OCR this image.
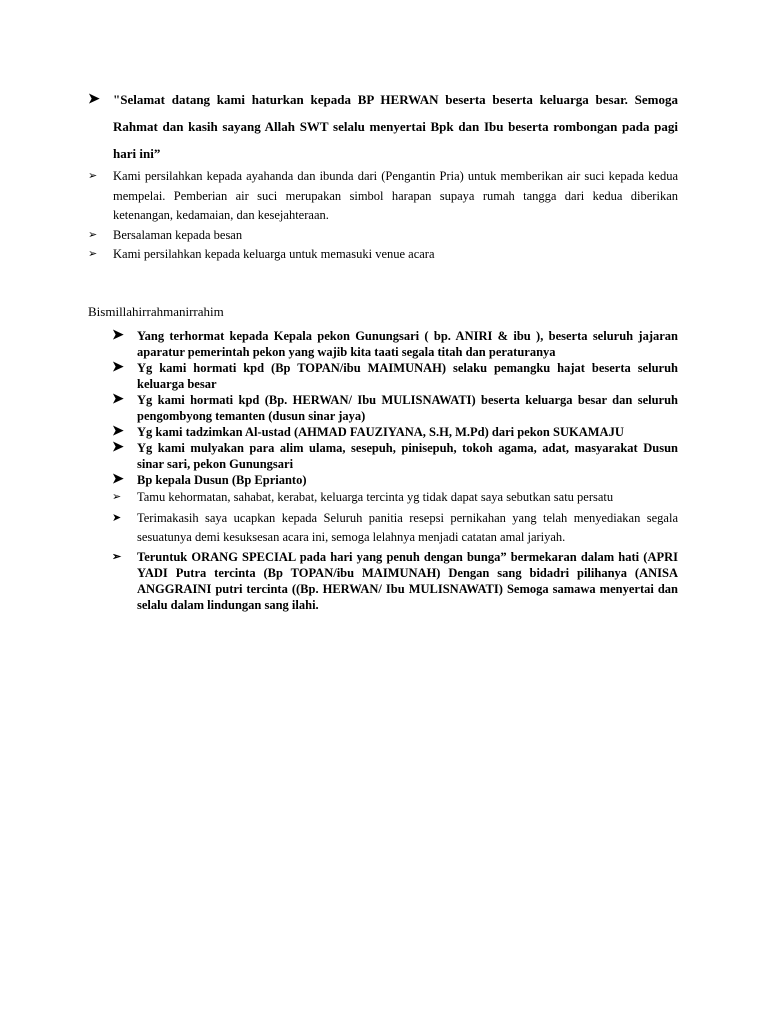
➤	"Selamat datang kami haturkan kepada BP HERWAN beserta beserta keluarga besar. Semoga Rahmat dan kasih sayang Allah SWT selalu menyertai Bpk dan Ibu beserta rombongan pada pagi hari ini”
➢	Kami persilahkan kepada ayahanda dan ibunda dari (Pengantin Pria) untuk memberikan air suci kepada kedua mempelai. Pemberian air suci merupakan simbol harapan supaya rumah tangga dari kedua diberikan ketenangan, kedamaian, dan kesejahteraan.
➢	Bersalaman kepada besan
➢	Kami persilahkan kepada keluarga untuk memasuki venue acara
Bismillahirrahmanirrahim
➤	Yang terhormat kepada Kepala pekon Gunungsari ( bp. ANIRI & ibu ), beserta seluruh jajaran aparatur pemerintah pekon yang wajib kita taati segala titah dan peraturanya
➤	Yg kami hormati kpd (Bp TOPAN/ibu MAIMUNAH) selaku pemangku hajat beserta seluruh keluarga besar
➤	Yg kami hormati kpd (Bp. HERWAN/ Ibu MULISNAWATI) beserta keluarga besar dan seluruh pengombyong temanten (dusun sinar jaya)
➤	Yg kami tadzimkan Al-ustad (AHMAD FAUZIYANA, S.H, M.Pd) dari pekon SUKAMAJU
➤	Yg kami mulyakan para alim ulama, sesepuh, pinisepuh, tokoh agama, adat, masyarakat Dusun sinar sari, pekon Gunungsari
➤	Bp kepala Dusun (Bp Eprianto)
➢	Tamu kehormatan, sahabat, kerabat, keluarga tercinta yg tidak dapat saya sebutkan satu persatu
➤	Terimakasih saya ucapkan kepada Seluruh panitia resepsi pernikahan yang telah menyediakan segala sesuatunya demi kesuksesan acara ini, semoga lelahnya menjadi catatan amal jariyah.
➢	Teruntuk ORANG SPECIAL pada hari yang penuh dengan bunga” bermekaran dalam hati (APRI YADI Putra tercinta (Bp TOPAN/ibu MAIMUNAH) Dengan sang bidadri pilihanya (ANISA ANGGRAINI putri tercinta ((Bp. HERWAN/ Ibu MULISNAWATI) Semoga samawa menyertai dan selalu dalam lindungan sang ilahi.
